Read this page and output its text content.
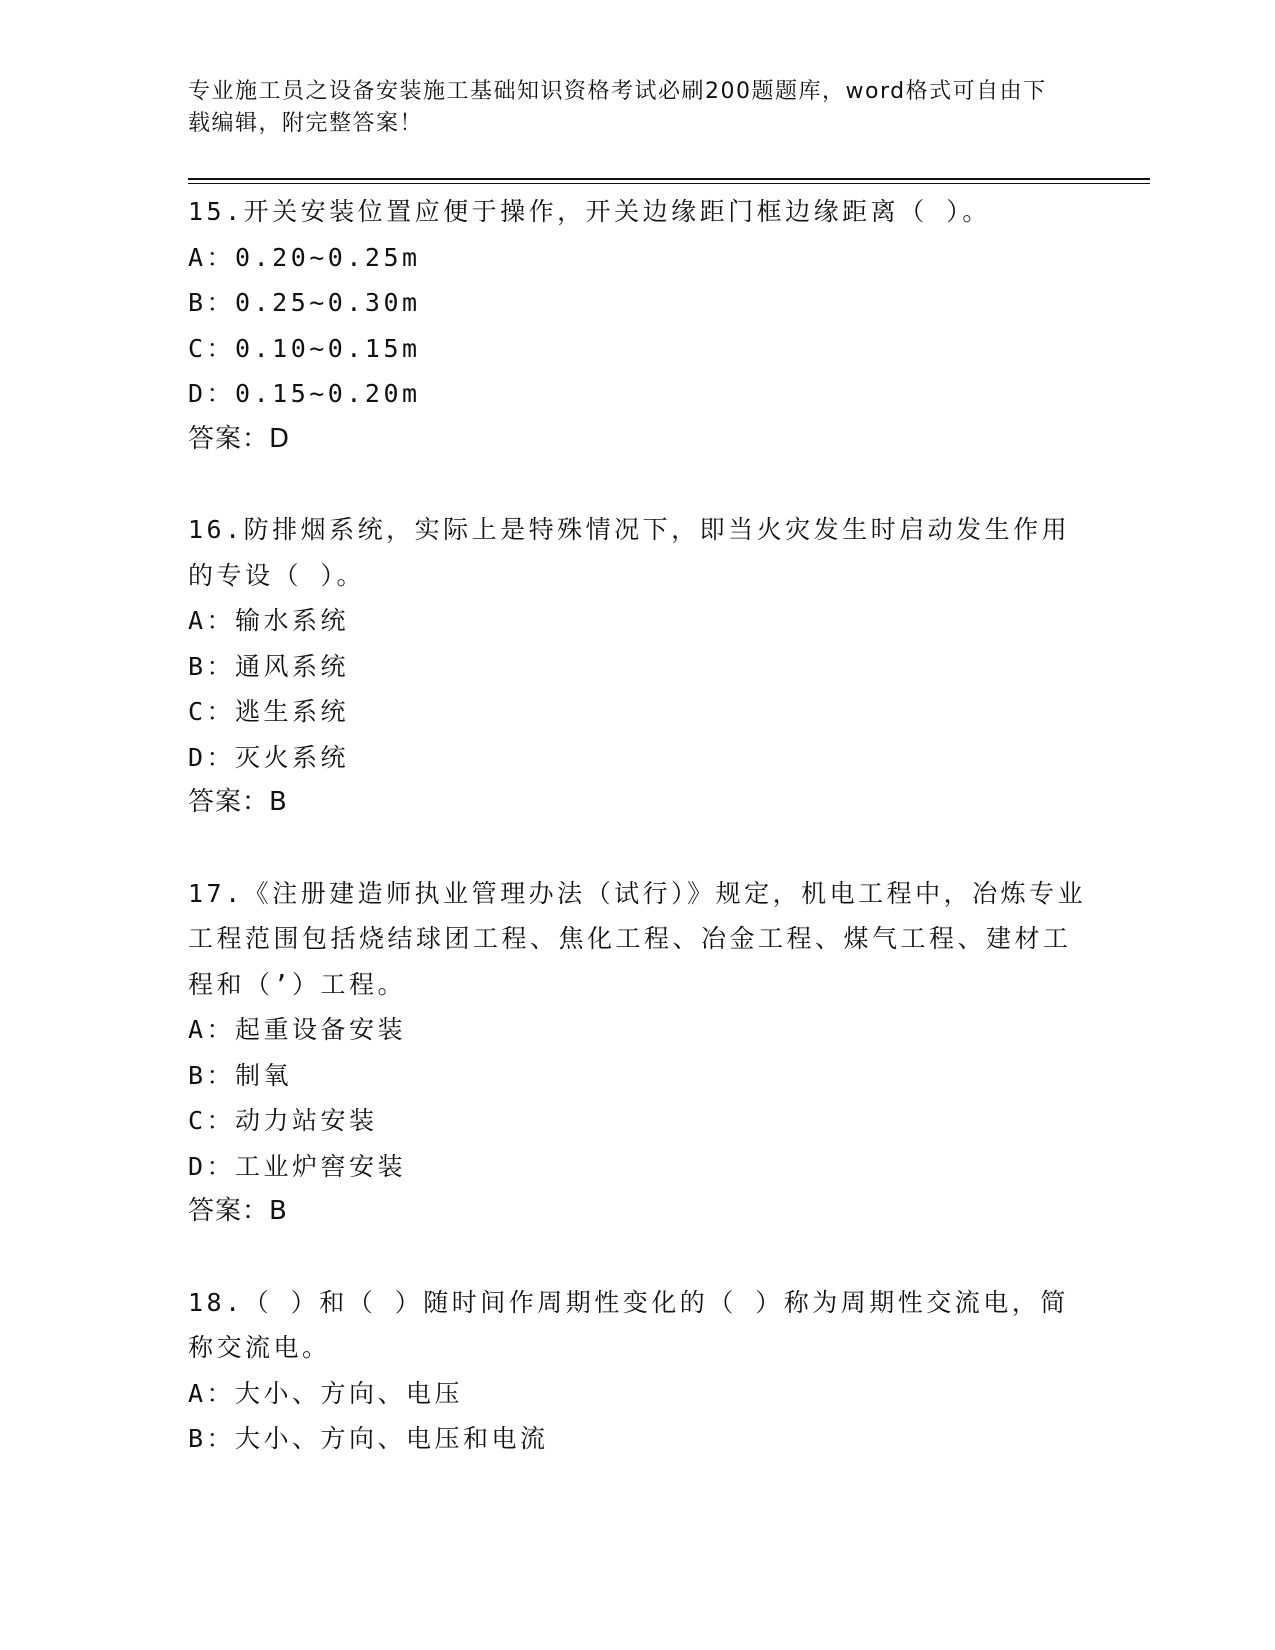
专业施工员之设备安装施工基础知识资格考试必刷200题题库，word格式可自由下载编辑，附完整答案！
15.开关安装位置应便于操作，开关边缘距门框边缘距离（ ）。
A：0.20~0.25m
B：0.25~0.30m
C：0.10~0.15m
D：0.15~0.20m
答案：D
16.防排烟系统，实际上是特殊情况下，即当火灾发生时启动发生作用的专设（ ）。
A：输水系统
B：通风系统
C：逃生系统
D：灭火系统
答案：B
17.《注册建造师执业管理办法（试行）》规定，机电工程中，冶炼专业工程范围包括烧结球团工程、焦化工程、冶金工程、煤气工程、建材工程和（’）工程。
A：起重设备安装
B：制氧
C：动力站安装
D：工业炉窖安装
答案：B
18.（ ）和（ ）随时间作周期性变化的（ ）称为周期性交流电，简称交流电。
A：大小、方向、电压
B：大小、方向、电压和电流
